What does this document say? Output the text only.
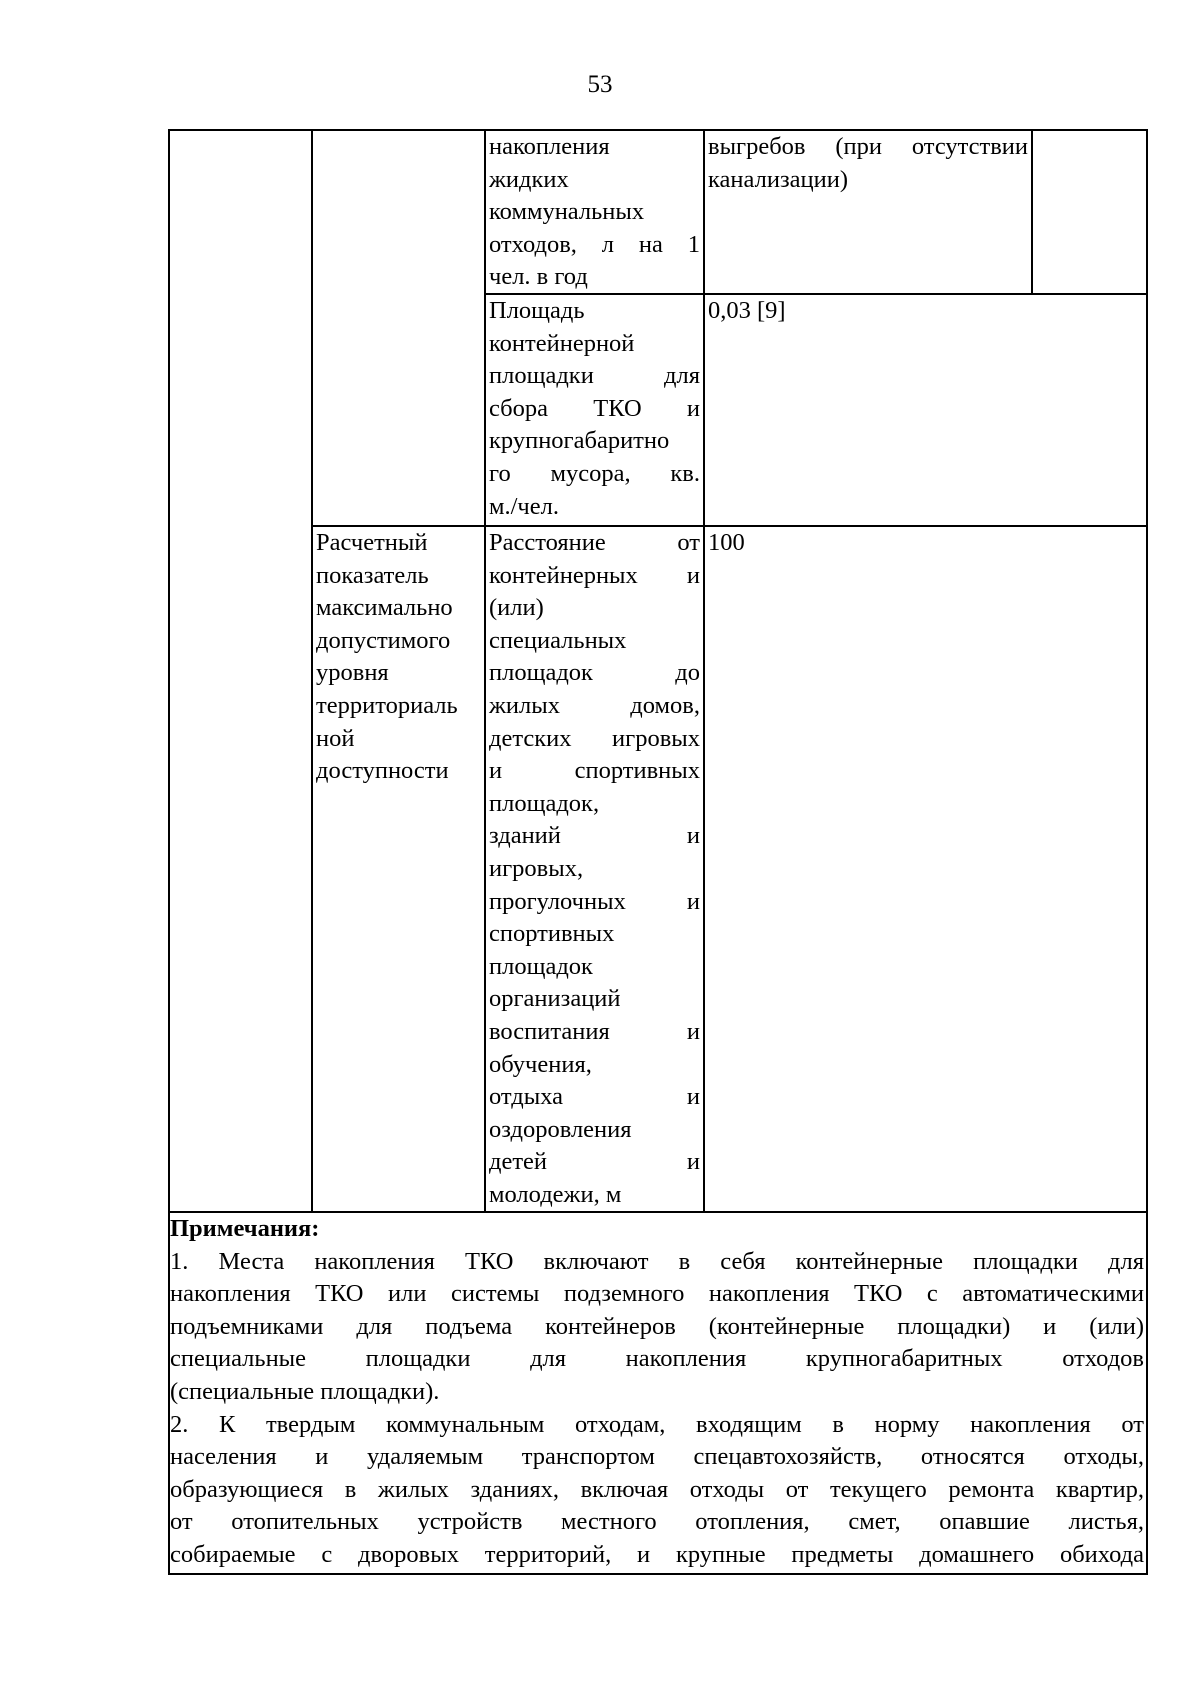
53
накопления
жидких
коммунальных
отходов, л на 1
чел. в год
выгребов (при отсутствии
канализации)
Площадь
контейнерной
площадки для
сбора ТКО и
крупногабаритно
го мусора, кв.
м./чел.
0,03 [9]
Расчетный
показатель
максимально
допустимого
уровня
территориаль
ной
доступности
Расстояние от
контейнерных и
(или)
специальных
площадок до
жилых домов,
детских игровых
и спортивных
площадок,
зданий и
игровых,
прогулочных и
спортивных
площадок
организаций
воспитания и
обучения,
отдыха и
оздоровления
детей и
молодежи, м
100
Примечания:
1. Места накопления ТКО включают в себя контейнерные площадки для
накопления ТКО или системы подземного накопления ТКО с автоматическими
подъемниками для подъема контейнеров (контейнерные площадки) и (или)
специальные площадки для накопления крупногабаритных отходов
(специальные площадки).
2. К твердым коммунальным отходам, входящим в норму накопления от
населения и удаляемым транспортом спецавтохозяйств, относятся отходы,
образующиеся в жилых зданиях, включая отходы от текущего ремонта квартир,
от отопительных устройств местного отопления, смет, опавшие листья,
собираемые с дворовых территорий, и крупные предметы домашнего обихода
